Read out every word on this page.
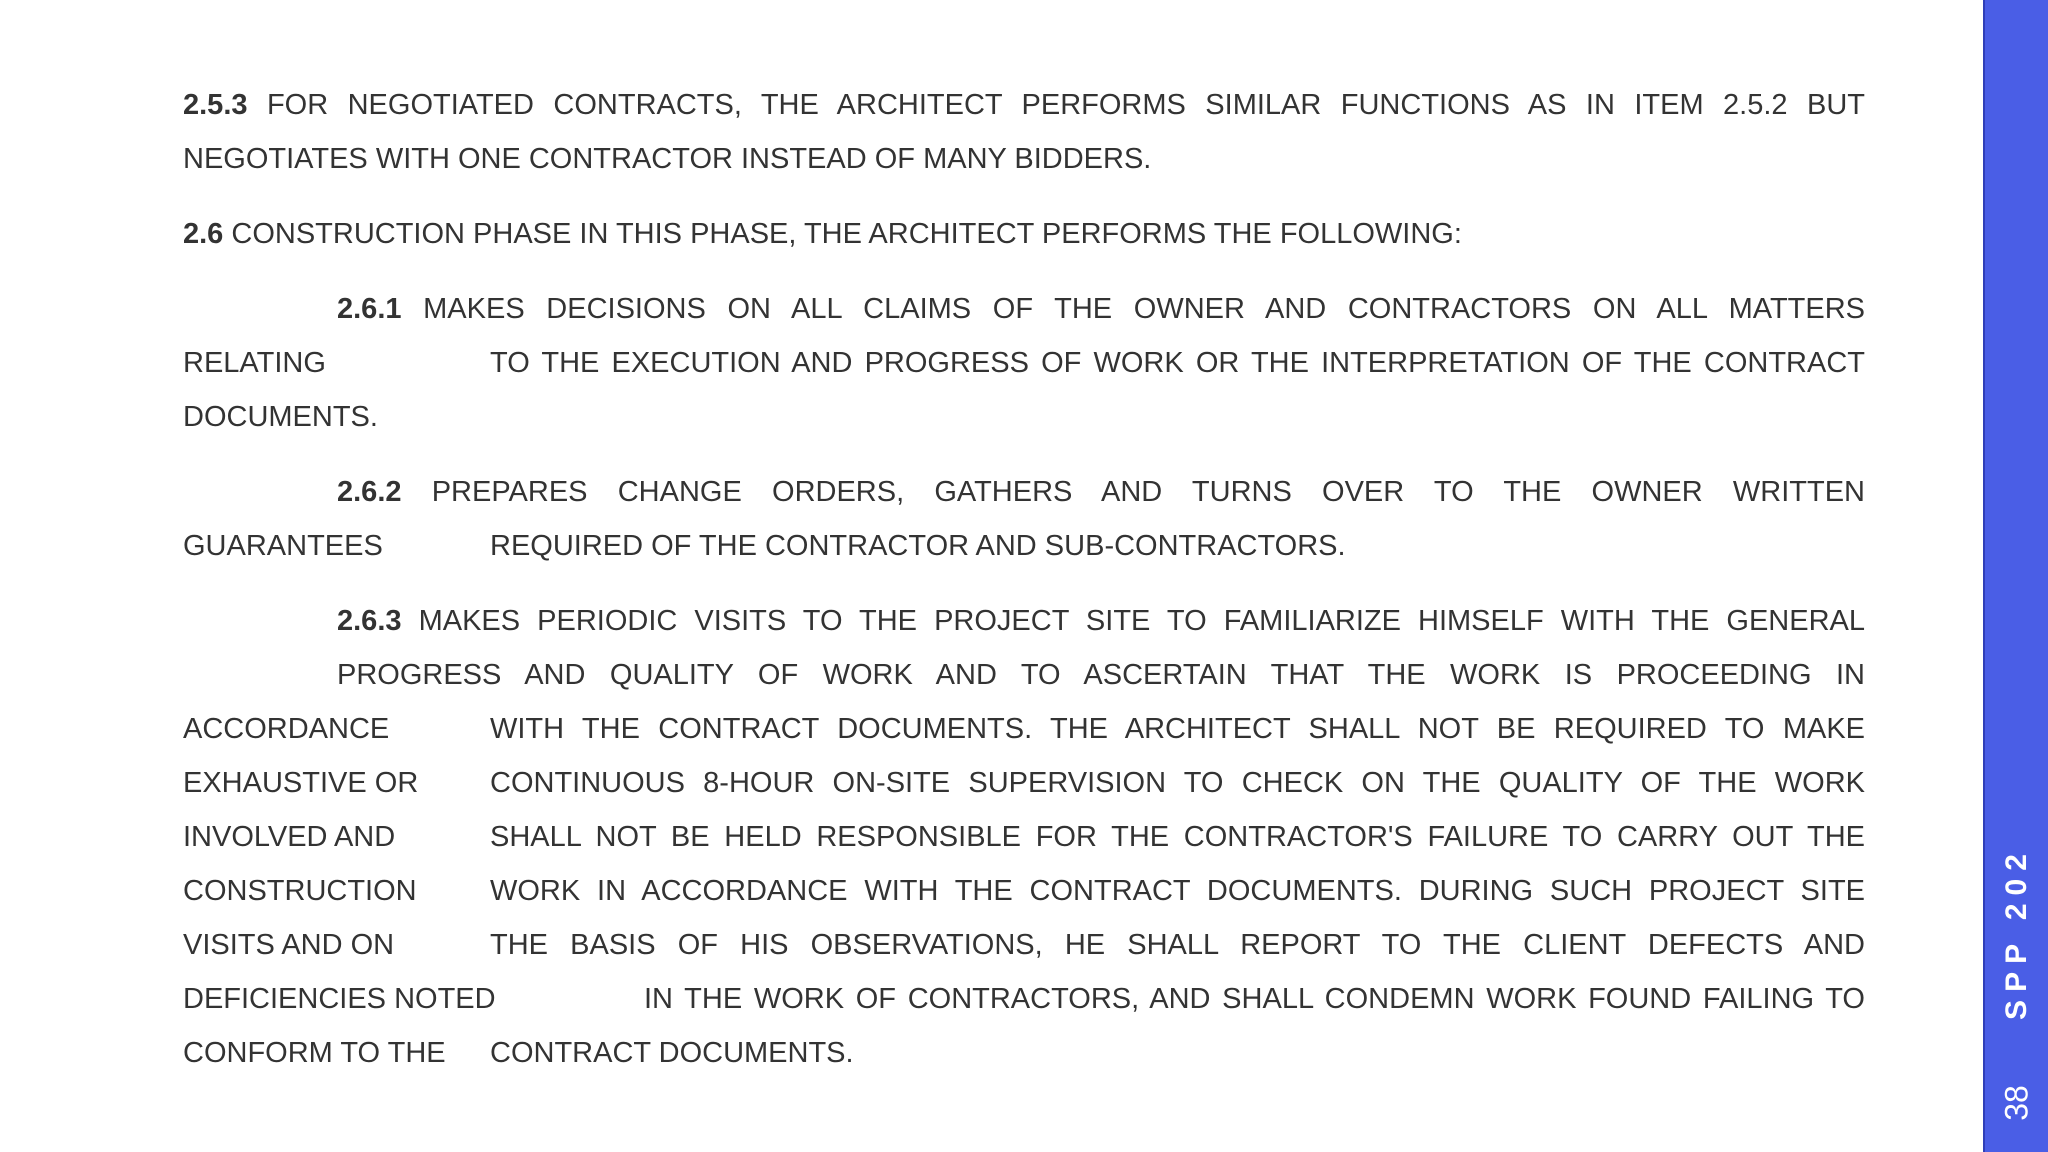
2.5.3 FOR NEGOTIATED CONTRACTS, THE ARCHITECT PERFORMS SIMILAR FUNCTIONS AS IN ITEM 2.5.2 BUT
NEGOTIATES WITH ONE CONTRACTOR INSTEAD OF MANY BIDDERS.
2.6 CONSTRUCTION PHASE IN THIS PHASE, THE ARCHITECT PERFORMS THE FOLLOWING:
2.6.1 MAKES DECISIONS ON ALL CLAIMS OF THE OWNER AND CONTRACTORS ON ALL MATTERS
RELATING	TO THE EXECUTION AND PROGRESS OF WORK OR THE INTERPRETATION OF THE CONTRACT
DOCUMENTS.
2.6.2 PREPARES CHANGE ORDERS, GATHERS AND TURNS OVER TO THE OWNER WRITTEN
GUARANTEES	REQUIRED OF THE CONTRACTOR AND SUB-CONTRACTORS.
2.6.3 MAKES PERIODIC VISITS TO THE PROJECT SITE TO FAMILIARIZE HIMSELF WITH THE GENERAL
PROGRESS AND QUALITY OF WORK AND TO ASCERTAIN THAT THE WORK IS PROCEEDING IN
ACCORDANCE	WITH THE CONTRACT DOCUMENTS. THE ARCHITECT SHALL NOT BE REQUIRED TO MAKE
EXHAUSTIVE OR CONTINUOUS 8-HOUR ON-SITE SUPERVISION TO CHECK ON THE QUALITY OF THE WORK
INVOLVED AND	SHALL NOT BE HELD RESPONSIBLE FOR THE CONTRACTOR'S FAILURE TO CARRY OUT THE
CONSTRUCTION	WORK IN ACCORDANCE WITH THE CONTRACT DOCUMENTS. DURING SUCH PROJECT SITE
VISITS AND ON	THE BASIS OF HIS OBSERVATIONS, HE SHALL REPORT TO THE CLIENT DEFECTS AND
DEFICIENCIES NOTED	IN THE WORK OF CONTRACTORS, AND SHALL CONDEMN WORK FOUND FAILING TO
CONFORM TO THE CONTRACT DOCUMENTS.
SPP 202
38
